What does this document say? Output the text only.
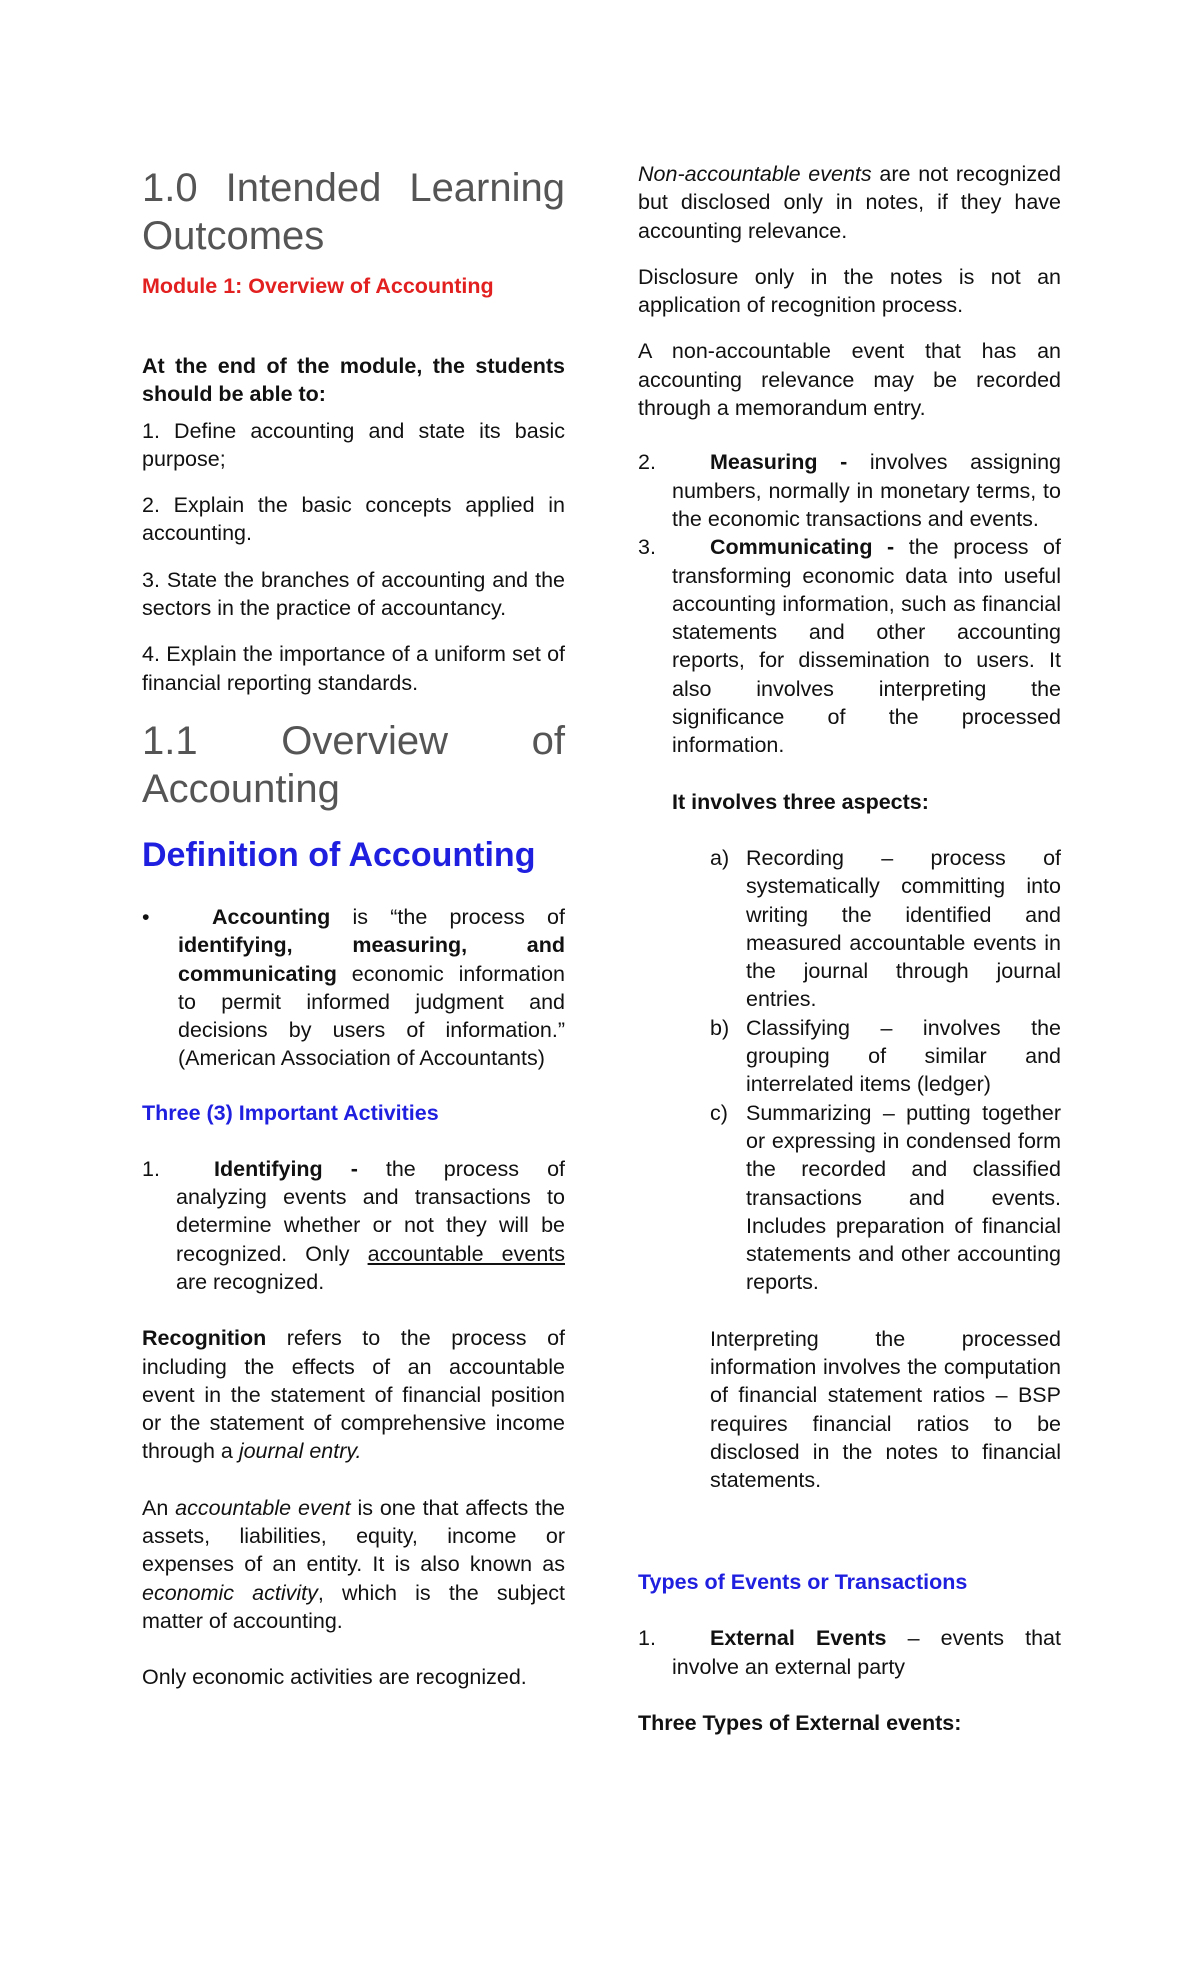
1.0 Intended Learning Outcomes

Module 1: Overview of Accounting

At the end of the module, the students should be able to:

1. Define accounting and state its basic purpose;

2. Explain the basic concepts applied in accounting.

3. State the branches of accounting and the sectors in the practice of accountancy.

4. Explain the importance of a uniform set of financial reporting standards.

1.1 Overview of Accounting

Definition of Accounting

•	Accounting is “the process of identifying, measuring, and communicating economic information to permit informed judgment and decisions by users of information.” (American Association of Accountants)

Three (3) Important Activities

1.	Identifying - the process of analyzing events and transactions to determine whether or not they will be recognized. Only accountable events are recognized.

Recognition refers to the process of including the effects of an accountable event in the statement of financial position or the statement of comprehensive income through a journal entry.

An accountable event is one that affects the assets, liabilities, equity, income or expenses of an entity. It is also known as economic activity, which is the subject matter of accounting.

Only economic activities are recognized.

Non-accountable events are not recognized but disclosed only in notes, if they have accounting relevance.

Disclosure only in the notes is not an application of recognition process.

A non-accountable event that has an accounting relevance may be recorded through a memorandum entry.

2.	Measuring - involves assigning numbers, normally in monetary terms, to the economic transactions and events.
3.	Communicating - the process of transforming economic data into useful accounting information, such as financial statements and other accounting reports, for dissemination to users. It also involves interpreting the significance of the processed information.

It involves three aspects:

a) Recording – process of systematically committing into writing the identified and measured accountable events in the journal through journal entries.
b) Classifying – involves the grouping of similar and interrelated items (ledger)
c) Summarizing – putting together or expressing in condensed form the recorded and classified transactions and events. Includes preparation of financial statements and other accounting reports.

Interpreting the processed information involves the computation of financial statement ratios – BSP requires financial ratios to be disclosed in the notes to financial statements.

Types of Events or Transactions

1.	External Events – events that involve an external party

Three Types of External events:
